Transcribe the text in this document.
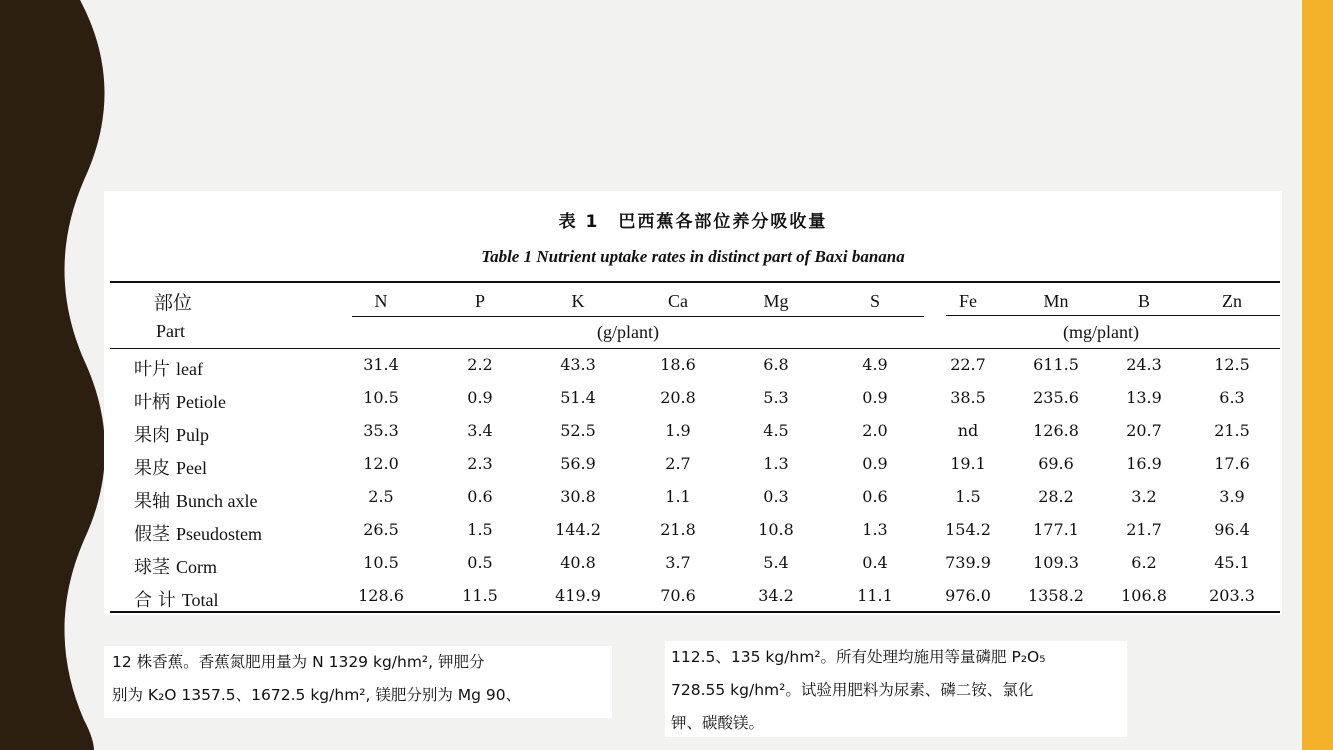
表 1　巴西蕉各部位养分吸收量
Table 1 Nutrient uptake rates in distinct part of Baxi banana
部位
Part
N	P	K	Ca	Mg	S	Fe	Mn	B	Zn
(g/plant)	(mg/plant)
叶片 leaf	31.4	2.2	43.3	18.6	6.8	4.9	22.7	611.5	24.3	12.5
叶柄 Petiole	10.5	0.9	51.4	20.8	5.3	0.9	38.5	235.6	13.9	6.3
果肉 Pulp	35.3	3.4	52.5	1.9	4.5	2.0	nd	126.8	20.7	21.5
果皮 Peel	12.0	2.3	56.9	2.7	1.3	0.9	19.1	69.6	16.9	17.6
果轴 Bunch axle	2.5	0.6	30.8	1.1	0.3	0.6	1.5	28.2	3.2	3.9
假茎 Pseudostem	26.5	1.5	144.2	21.8	10.8	1.3	154.2	177.1	21.7	96.4
球茎 Corm	10.5	0.5	40.8	3.7	5.4	0.4	739.9	109.3	6.2	45.1
合 计 Total	128.6	11.5	419.9	70.6	34.2	11.1	976.0	1358.2	106.8	203.3
12 株香蕉。香蕉氮肥用量为 N 1329 kg/hm², 钾肥分
别为 K₂O 1357.5、1672.5 kg/hm², 镁肥分别为 Mg 90、
112.5、135 kg/hm²。所有处理均施用等量磷肥 P₂O₅
728.55 kg/hm²。试验用肥料为尿素、磷二铵、氯化
钾、碳酸镁。
